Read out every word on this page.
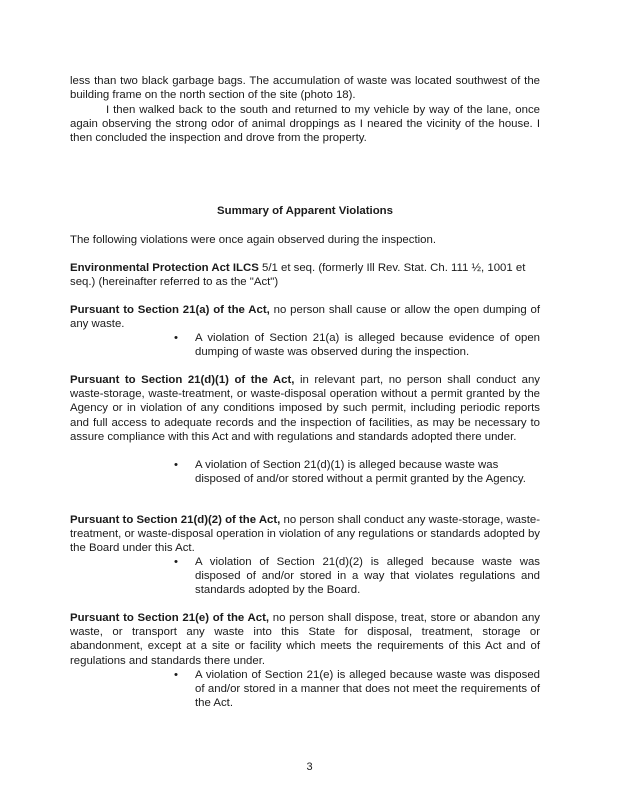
less than two black garbage bags. The accumulation of waste was located southwest of the building frame on the north section of the site (photo 18).

I then walked back to the south and returned to my vehicle by way of the lane, once again observing the strong odor of animal droppings as I neared the vicinity of the house. I then concluded the inspection and drove from the property.

Summary of Apparent Violations

The following violations were once again observed during the inspection.

Environmental Protection Act ILCS 5/1 et seq. (formerly Ill Rev. Stat. Ch. 111 ½, 1001 et seq.) (hereinafter referred to as the "Act")

Pursuant to Section 21(a) of the Act, no person shall cause or allow the open dumping of any waste.

• A violation of Section 21(a) is alleged because evidence of open dumping of waste was observed during the inspection.

Pursuant to Section 21(d)(1) of the Act, in relevant part, no person shall conduct any waste-storage, waste-treatment, or waste-disposal operation without a permit granted by the Agency or in violation of any conditions imposed by such permit, including periodic reports and full access to adequate records and the inspection of facilities, as may be necessary to assure compliance with this Act and with regulations and standards adopted there under.

• A violation of Section 21(d)(1) is alleged because waste was disposed of and/or stored without a permit granted by the Agency.

Pursuant to Section 21(d)(2) of the Act, no person shall conduct any waste-storage, waste-treatment, or waste-disposal operation in violation of any regulations or standards adopted by the Board under this Act.

• A violation of Section 21(d)(2) is alleged because waste was disposed of and/or stored in a way that violates regulations and standards adopted by the Board.

Pursuant to Section 21(e) of the Act, no person shall dispose, treat, store or abandon any waste, or transport any waste into this State for disposal, treatment, storage or abandonment, except at a site or facility which meets the requirements of this Act and of regulations and standards there under.

• A violation of Section 21(e) is alleged because waste was disposed of and/or stored in a manner that does not meet the requirements of the Act.

3
